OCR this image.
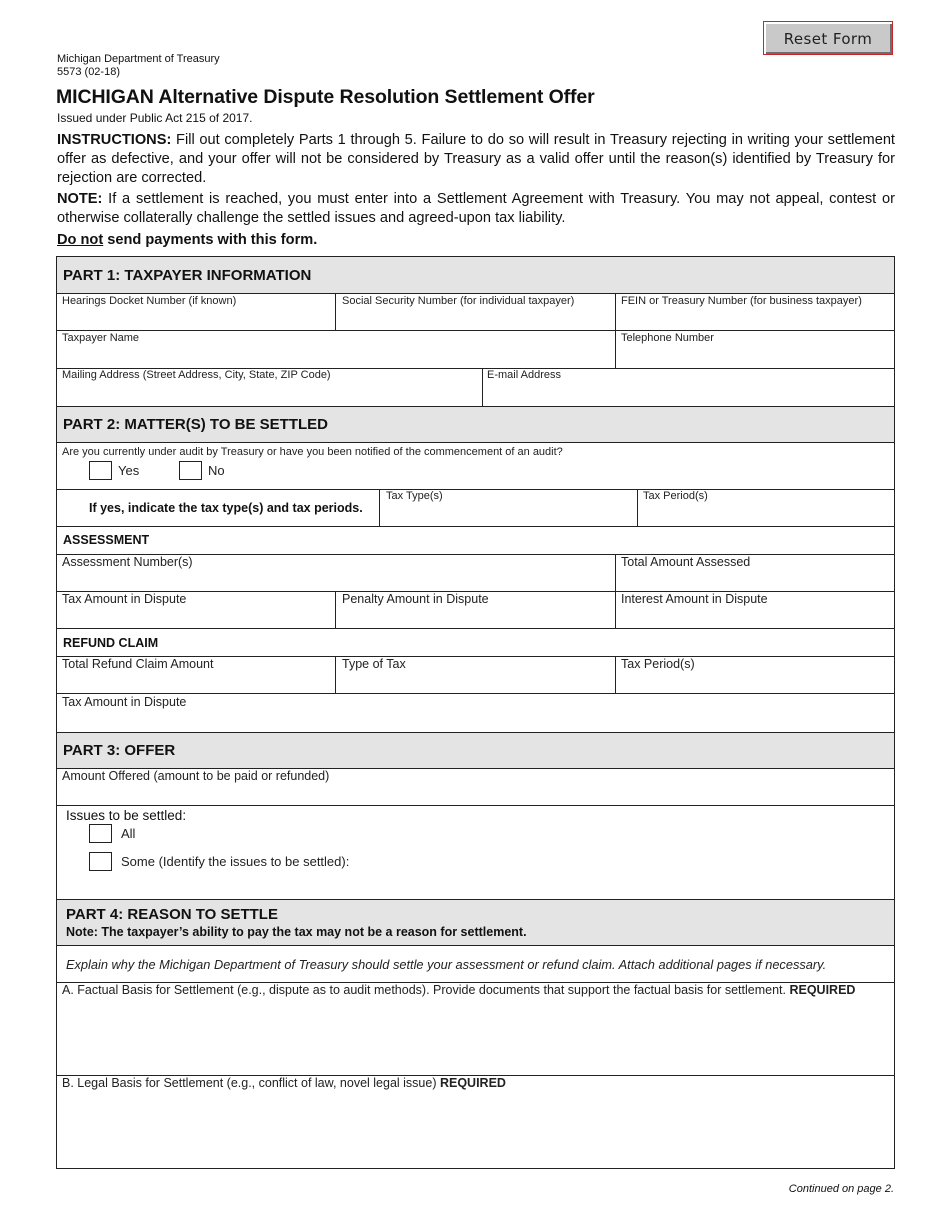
Reset Form
Michigan Department of Treasury
5573 (02-18)
MICHIGAN Alternative Dispute Resolution Settlement Offer
Issued under Public Act 215 of 2017.
INSTRUCTIONS: Fill out completely Parts 1 through 5. Failure to do so will result in Treasury rejecting in writing your settlement offer as defective, and your offer will not be considered by Treasury as a valid offer until the reason(s) identified by Treasury for rejection are corrected.
NOTE: If a settlement is reached, you must enter into a Settlement Agreement with Treasury. You may not appeal, contest or otherwise collaterally challenge the settled issues and agreed-upon tax liability.
Do not send payments with this form.
PART 1: TAXPAYER INFORMATION
PART 2: MATTER(S) TO BE SETTLED
PART 3: OFFER
PART 4: REASON TO SETTLE
Note: The taxpayer’s ability to pay the tax may not be a reason for settlement.
Hearings Docket Number (if known)	Social Security Number (for individual taxpayer)	FEIN or Treasury Number (for business taxpayer)
Taxpayer Name	Telephone Number
Mailing Address (Street Address, City, State, ZIP Code)	E-mail Address
Are you currently under audit by Treasury or have you been notified of the commencement of an audit?
Yes	No
If yes, indicate the tax type(s) and tax periods.
Tax Type(s)	Tax Period(s)
ASSESSMENT
Assessment Number(s)	Total Amount Assessed
Tax Amount in Dispute	Penalty Amount in Dispute	Interest Amount in Dispute
REFUND CLAIM
Total Refund Claim Amount	Type of Tax	Tax Period(s)
Tax Amount in Dispute
Amount Offered (amount to be paid or refunded)
Issues to be settled:
All
Some (Identify the issues to be settled):
Explain why the Michigan Department of Treasury should settle your assessment or refund claim. Attach additional pages if necessary.
A. Factual Basis for Settlement (e.g., dispute as to audit methods). Provide documents that support the factual basis for settlement. REQUIRED
B. Legal Basis for Settlement (e.g., conflict of law, novel legal issue) REQUIRED
Continued on page 2.
